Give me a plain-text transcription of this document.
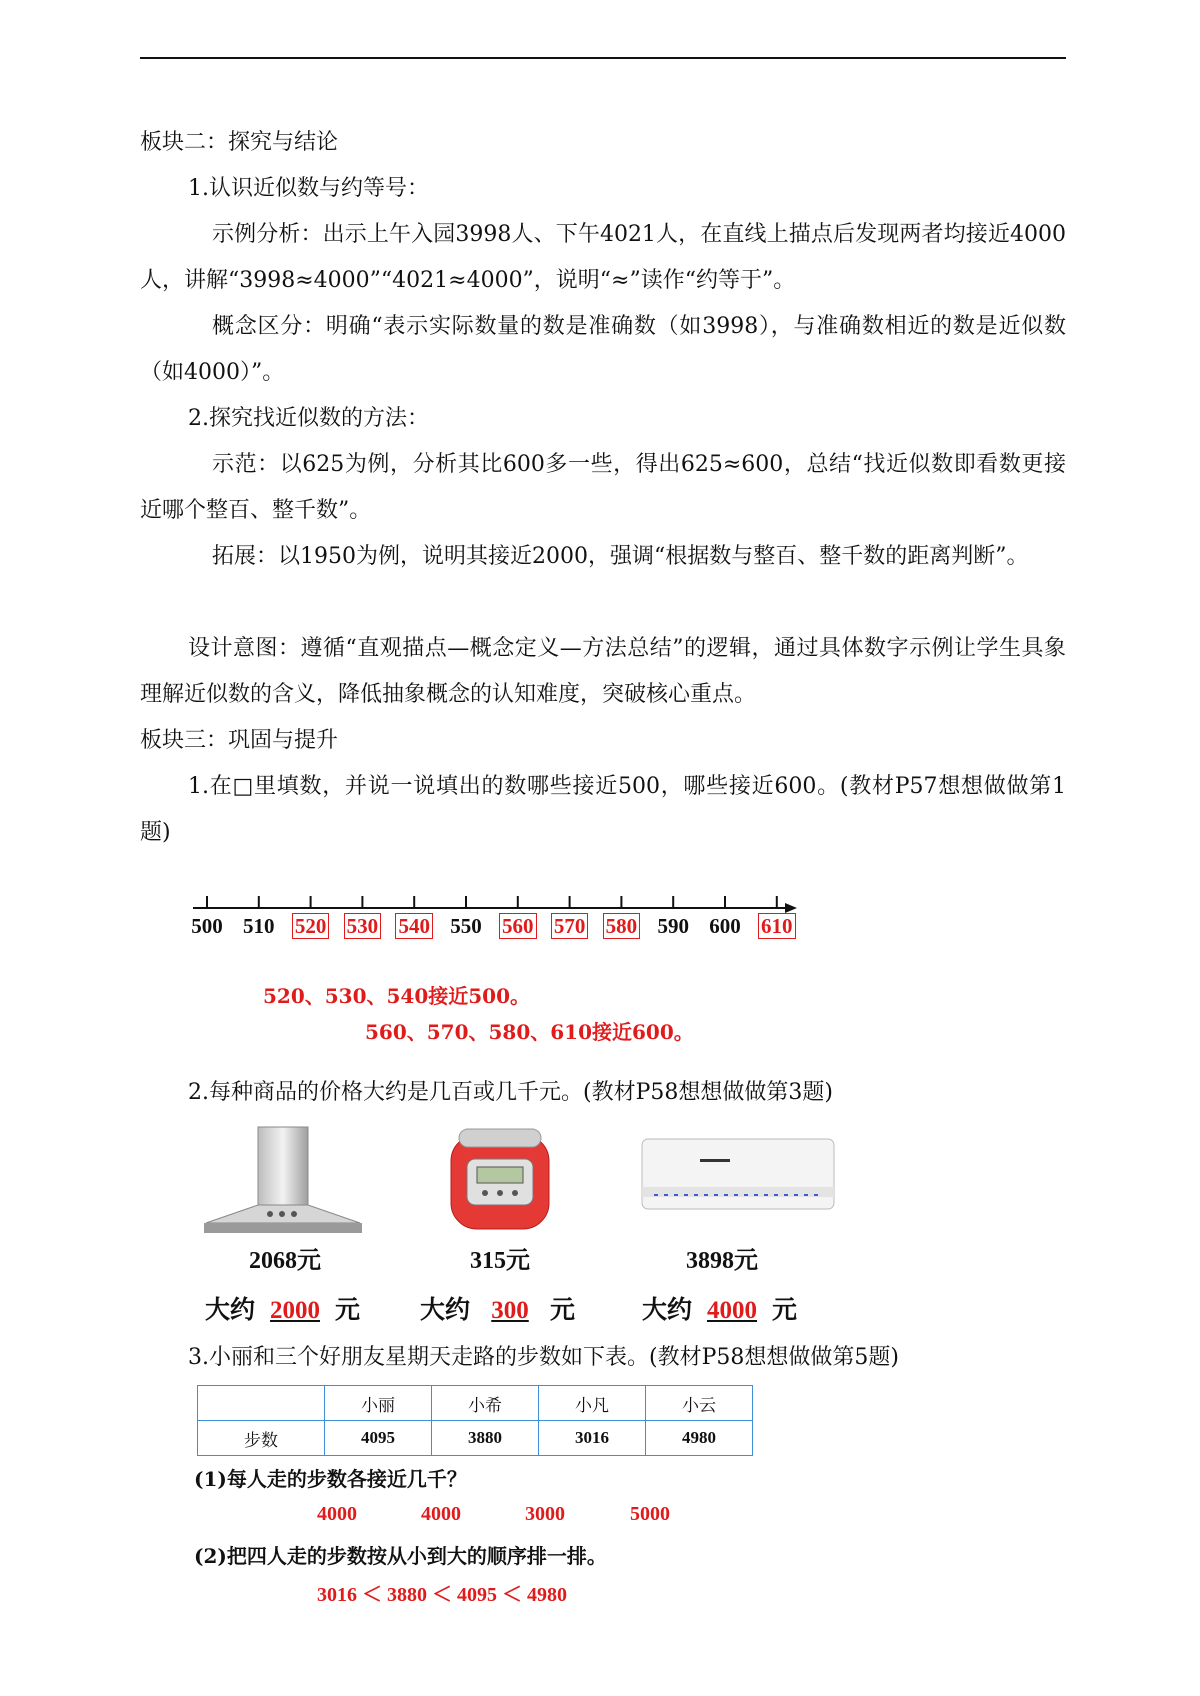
板块二：探究与结论

1.认识近似数与约等号：

示例分析：出示上午入园3998人、下午4021人，在直线上描点后发现两者均接近4000人，讲解“3998≈4000”“4021≈4000”，说明“≈”读作“约等于”。

概念区分：明确“表示实际数量的数是准确数（如3998），与准确数相近的数是近似数（如4000）”。

2.探究找近似数的方法：

示范：以625为例，分析其比600多一些，得出625≈600，总结“找近似数即看数更接近哪个整百、整千数”。

拓展：以1950为例，说明其接近2000，强调“根据数与整百、整千数的距离判断”。

设计意图：遵循“直观描点—概念定义—方法总结”的逻辑，通过具体数字示例让学生具象理解近似数的含义，降低抽象概念的认知难度，突破核心重点。

板块三：巩固与提升

1.在□里填数，并说一说填出的数哪些接近500，哪些接近600。(教材P57想想做做第1题)

500 510 520 530 540 550 560 570 580 590 600 610

520、530、540接近500。

560、570、580、610接近600。

2.每种商品的价格大约是几百或几千元。(教材P58想想做做第3题)

2068元
大约 2000 元
315元
大约 300 元
3898元
大约 4000 元

3.小丽和三个好朋友星期天走路的步数如下表。(教材P58想想做做第5题)

	小丽	小希	小凡	小云
步数	4095	3880	3016	4980

(1)每人走的步数各接近几千？

4000	4000	3000	5000

(2)把四人走的步数按从小到大的顺序排一排。

3016 ＜ 3880 ＜ 4095 ＜ 4980
